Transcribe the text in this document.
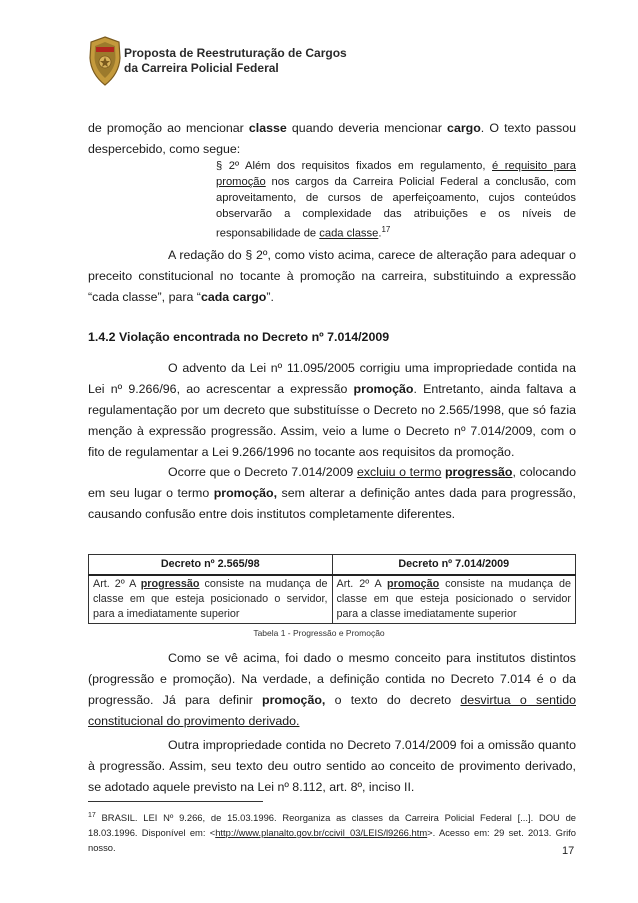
Proposta de Reestruturação de Cargos
da Carreira Policial Federal

de promoção ao mencionar classe quando deveria mencionar cargo. O texto passou despercebido, como segue:

§ 2º Além dos requisitos fixados em regulamento, é requisito para promoção nos cargos da Carreira Policial Federal a conclusão, com aproveitamento, de cursos de aperfeiçoamento, cujos conteúdos observarão a complexidade das atribuições e os níveis de responsabilidade de cada classe.$^{17}$

A redação do § 2º, como visto acima, carece de alteração para adequar o preceito constitucional no tocante à promoção na carreira, substituindo a expressão “cada classe”, para “cada cargo”.

1.4.2 Violação encontrada no Decreto nº 7.014/2009

O advento da Lei nº 11.095/2005 corrigiu uma impropriedade contida na Lei nº 9.266/96, ao acrescentar a expressão promoção. Entretanto, ainda faltava a regulamentação por um decreto que substituísse o Decreto no 2.565/1998, que só fazia menção à expressão progressão. Assim, veio a lume o Decreto nº 7.014/2009, com o fito de regulamentar a Lei 9.266/1996 no tocante aos requisitos da promoção.

Ocorre que o Decreto 7.014/2009 excluiu o termo progressão, colocando em seu lugar o termo promoção, sem alterar a definição antes dada para progressão, causando confusão entre dois institutos completamente diferentes.

Decreto nº 2.565/98	Decreto nº 7.014/2009
Art. 2º A progressão consiste na mudança de classe em que esteja posicionado o servidor, para a imediatamente superior	Art. 2º A promoção consiste na mudança de classe em que esteja posicionado o servidor para a classe imediatamente superior
Tabela 1 - Progressão e Promoção

Como se vê acima, foi dado o mesmo conceito para institutos distintos (progressão e promoção). Na verdade, a definição contida no Decreto 7.014 é o da progressão. Já para definir promoção, o texto do decreto desvirtua o sentido constitucional do provimento derivado.

Outra impropriedade contida no Decreto 7.014/2009 foi a omissão quanto à progressão. Assim, seu texto deu outro sentido ao conceito de provimento derivado, se adotado aquele previsto na Lei nº 8.112, art. 8º, inciso II.

$^{17}$ BRASIL. LEI Nº 9.266, de 15.03.1996. Reorganiza as classes da Carreira Policial Federal [...]. DOU de 18.03.1996. Disponível em: <http://www.planalto.gov.br/ccivil_03/LEIS/l9266.htm>. Acesso em: 29 set. 2013. Grifo nosso.	17
